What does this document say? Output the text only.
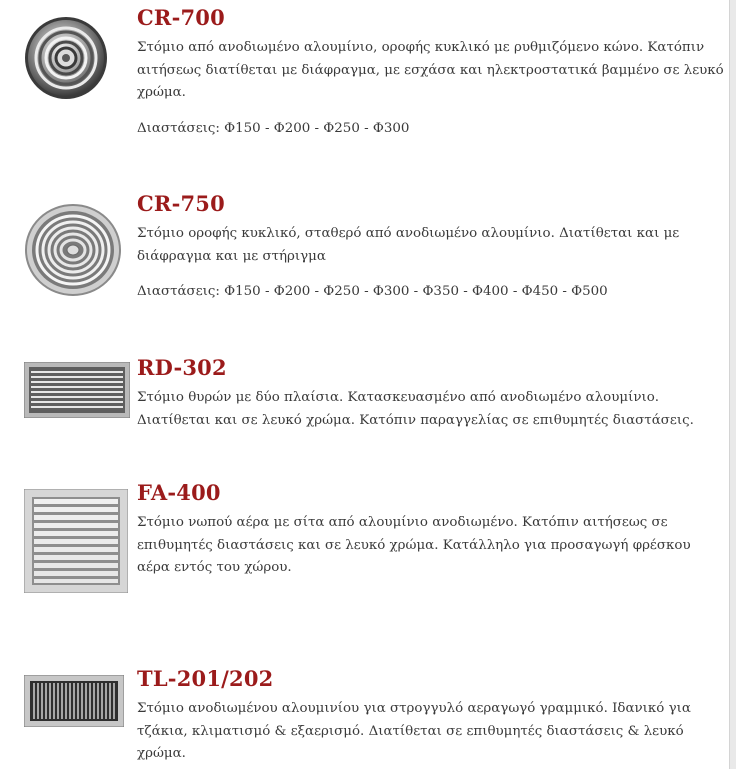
CR-700

Στόμιο από ανοδιωμένο αλουμίνιο, οροφής κυκλικό με ρυθμιζόμενο κώνο. Κατόπιν αιτήσεως διατίθεται με διάφραγμα, με εσχάσα και ηλεκτροστατικά βαμμένο σε λευκό χρώμα.

Διαστάσεις: Φ150 - Φ200 - Φ250 - Φ300

CR-750

Στόμιο οροφής κυκλικό, σταθερό από ανοδιωμένο αλουμίνιο. Διατίθεται και με διάφραγμα και με στήριγμα

Διαστάσεις: Φ150 - Φ200 - Φ250 - Φ300 - Φ350 - Φ400 - Φ450 - Φ500

RD-302

Στόμιο θυρών με δύο πλαίσια. Κατασκευασμένο από ανοδιωμένο αλουμίνιο. Διατίθεται και σε λευκό χρώμα. Κατόπιν παραγγελίας σε επιθυμητές διαστάσεις.

FA-400

Στόμιο νωπού αέρα με σίτα από αλουμίνιο ανοδιωμένο. Κατόπιν αιτήσεως σε επιθυμητές διαστάσεις και σε λευκό χρώμα. Κατάλληλο για προσαγωγή φρέσκου αέρα εντός του χώρου.

TL-201/202

Στόμιο ανοδιωμένου αλουμινίου για στρογγυλό αεραγωγό γραμμικό. Ιδανικό για τζάκια, κλιματισμό & εξαερισμό. Διατίθεται σε επιθυμητές διαστάσεις & λευκό χρώμα.
